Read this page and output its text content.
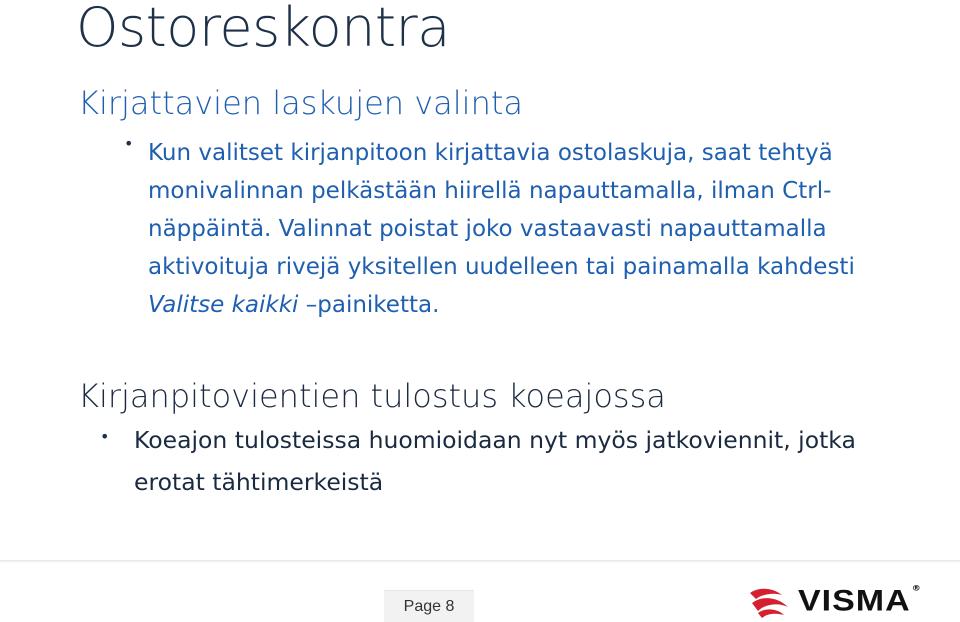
Ostoreskontra
Kirjattavien laskujen valinta
• Kun valitset kirjanpitoon kirjattavia ostolaskuja, saat tehtyä monivalinnan pelkästään hiirellä napauttamalla, ilman Ctrl- näppäintä. Valinnat poistat joko vastaavasti napauttamalla aktivoituja rivejä yksitellen uudelleen tai painamalla kahdesti Valitse kaikki –painiketta.
Kirjanpitovientien tulostus koeajossa
• Koeajon tulosteissa huomioidaan nyt myös jatkoviennit, jotka erotat tähtimerkeistä
Page 8	VISMA®
